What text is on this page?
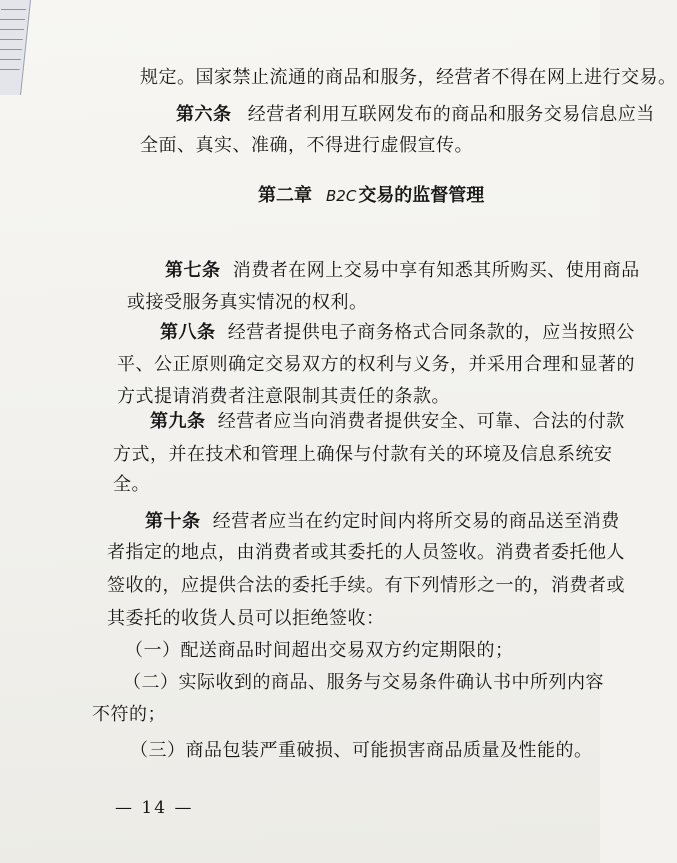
规定。国家禁止流通的商品和服务，经营者不得在网上进行交易。
第六条 经营者利用互联网发布的商品和服务交易信息应当
全面、真实、准确，不得进行虚假宣传。
第二章 B2C 交易的监督管理
第七条 消费者在网上交易中享有知悉其所购买、使用商品
或接受服务真实情况的权利。
第八条 经营者提供电子商务格式合同条款的，应当按照公
平、公正原则确定交易双方的权利与义务，并采用合理和显著的
方式提请消费者注意限制其责任的条款。
第九条 经营者应当向消费者提供安全、可靠、合法的付款
方式，并在技术和管理上确保与付款有关的环境及信息系统安
全。
第十条 经营者应当在约定时间内将所交易的商品送至消费
者指定的地点，由消费者或其委托的人员签收。消费者委托他人
签收的，应提供合法的委托手续。有下列情形之一的，消费者或
其委托的收货人员可以拒绝签收：
（一）配送商品时间超出交易双方约定期限的；
（二）实际收到的商品、服务与交易条件确认书中所列内容
不符的；
（三）商品包装严重破损、可能损害商品质量及性能的。
— 14 —
